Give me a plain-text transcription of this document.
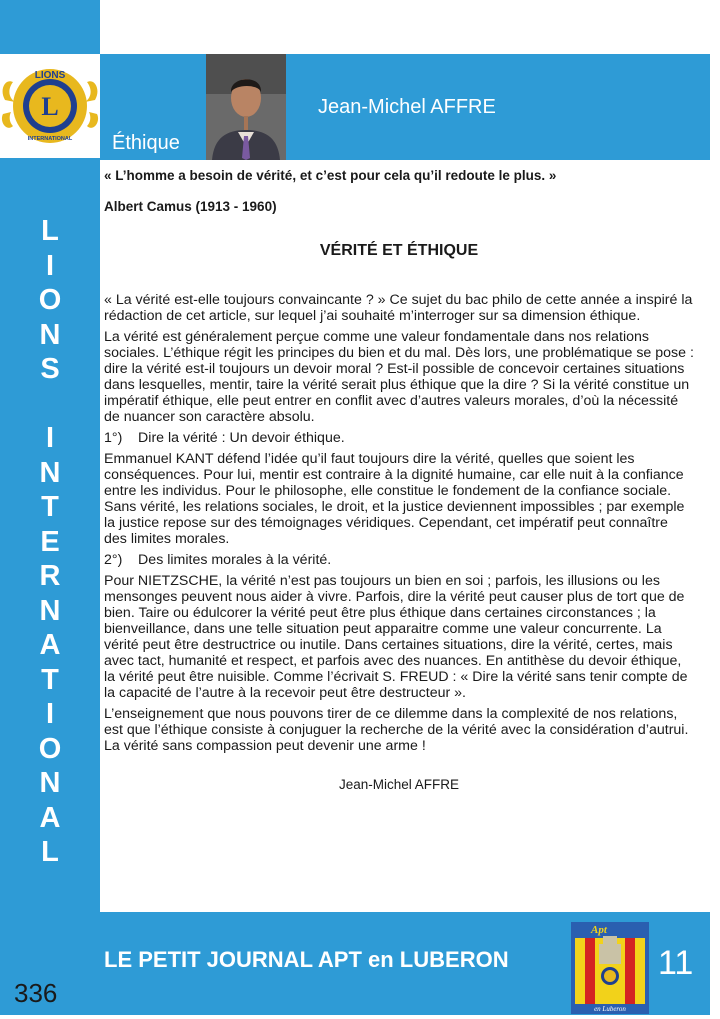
L
LIONS
INTERNATIONAL Éthique
Jean-Michel AFFRE
L
I
O
N
S
I
N
T
E
R
N
A
T
I
O
N
A
L

« L’homme a besoin de vérité, et c’est pour cela qu’il redoute le plus. »

Albert Camus (1913 - 1960)

VÉRITÉ ET ÉTHIQUE

« La vérité est-elle toujours convaincante ? » Ce sujet du bac philo de cette année a inspiré la rédaction de cet article, sur lequel j’ai souhaité m’interroger sur sa dimension éthique.

La vérité est généralement perçue comme une valeur fondamentale dans nos relations sociales. L’éthique régit les principes du bien et du mal. Dès lors, une problématique se pose : dire la vérité est-il toujours un devoir moral ? Est-il possible de concevoir certaines situations dans lesquelles, mentir, taire la vérité serait plus éthique que la dire ? Si la vérité constitue un impératif éthique, elle peut entrer en conflit avec d’autres valeurs morales, d’où la nécessité de nuancer son caractère absolu.

1°)    Dire la vérité : Un devoir éthique.

Emmanuel KANT défend l’idée qu’il faut toujours dire la vérité, quelles que soient les conséquences. Pour lui, mentir est contraire à la dignité humaine, car elle nuit à la confiance entre les individus. Pour le philosophe, elle constitue le fondement de la confiance sociale. Sans vérité, les relations sociales, le droit, et la justice deviennent impossibles ; par exemple la justice repose sur des témoignages véridiques. Cependant, cet impératif peut connaître des limites morales.

2°)    Des limites morales à la vérité.

Pour NIETZSCHE, la vérité n’est pas toujours un bien en soi ; parfois, les illusions ou les mensonges peuvent nous aider à vivre. Parfois, dire la vérité peut causer plus de tort que de bien. Taire ou édulcorer la vérité peut être plus éthique dans certaines circonstances ; la bienveillance, dans une telle situation peut apparaitre comme une valeur concurrente. La vérité peut être destructrice ou inutile. Dans certaines situations, dire la vérité, certes, mais avec tact, humanité et respect, et parfois avec des nuances. En antithèse du devoir éthique, la vérité peut être nuisible. Comme l’écrivait S. FREUD : « Dire la vérité sans tenir compte de la capacité de l’autre à la recevoir peut être destructeur ».

L’enseignement que nous pouvons tirer de ce dilemme dans la complexité de nos relations, est que l’éthique consiste à conjuguer la recherche de la vérité avec la considération d’autrui. La vérité sans compassion peut devenir une arme !

Jean-Michel AFFRE

LE PETIT JOURNAL APT en LUBERON	11
336
Apt
en Luberon
